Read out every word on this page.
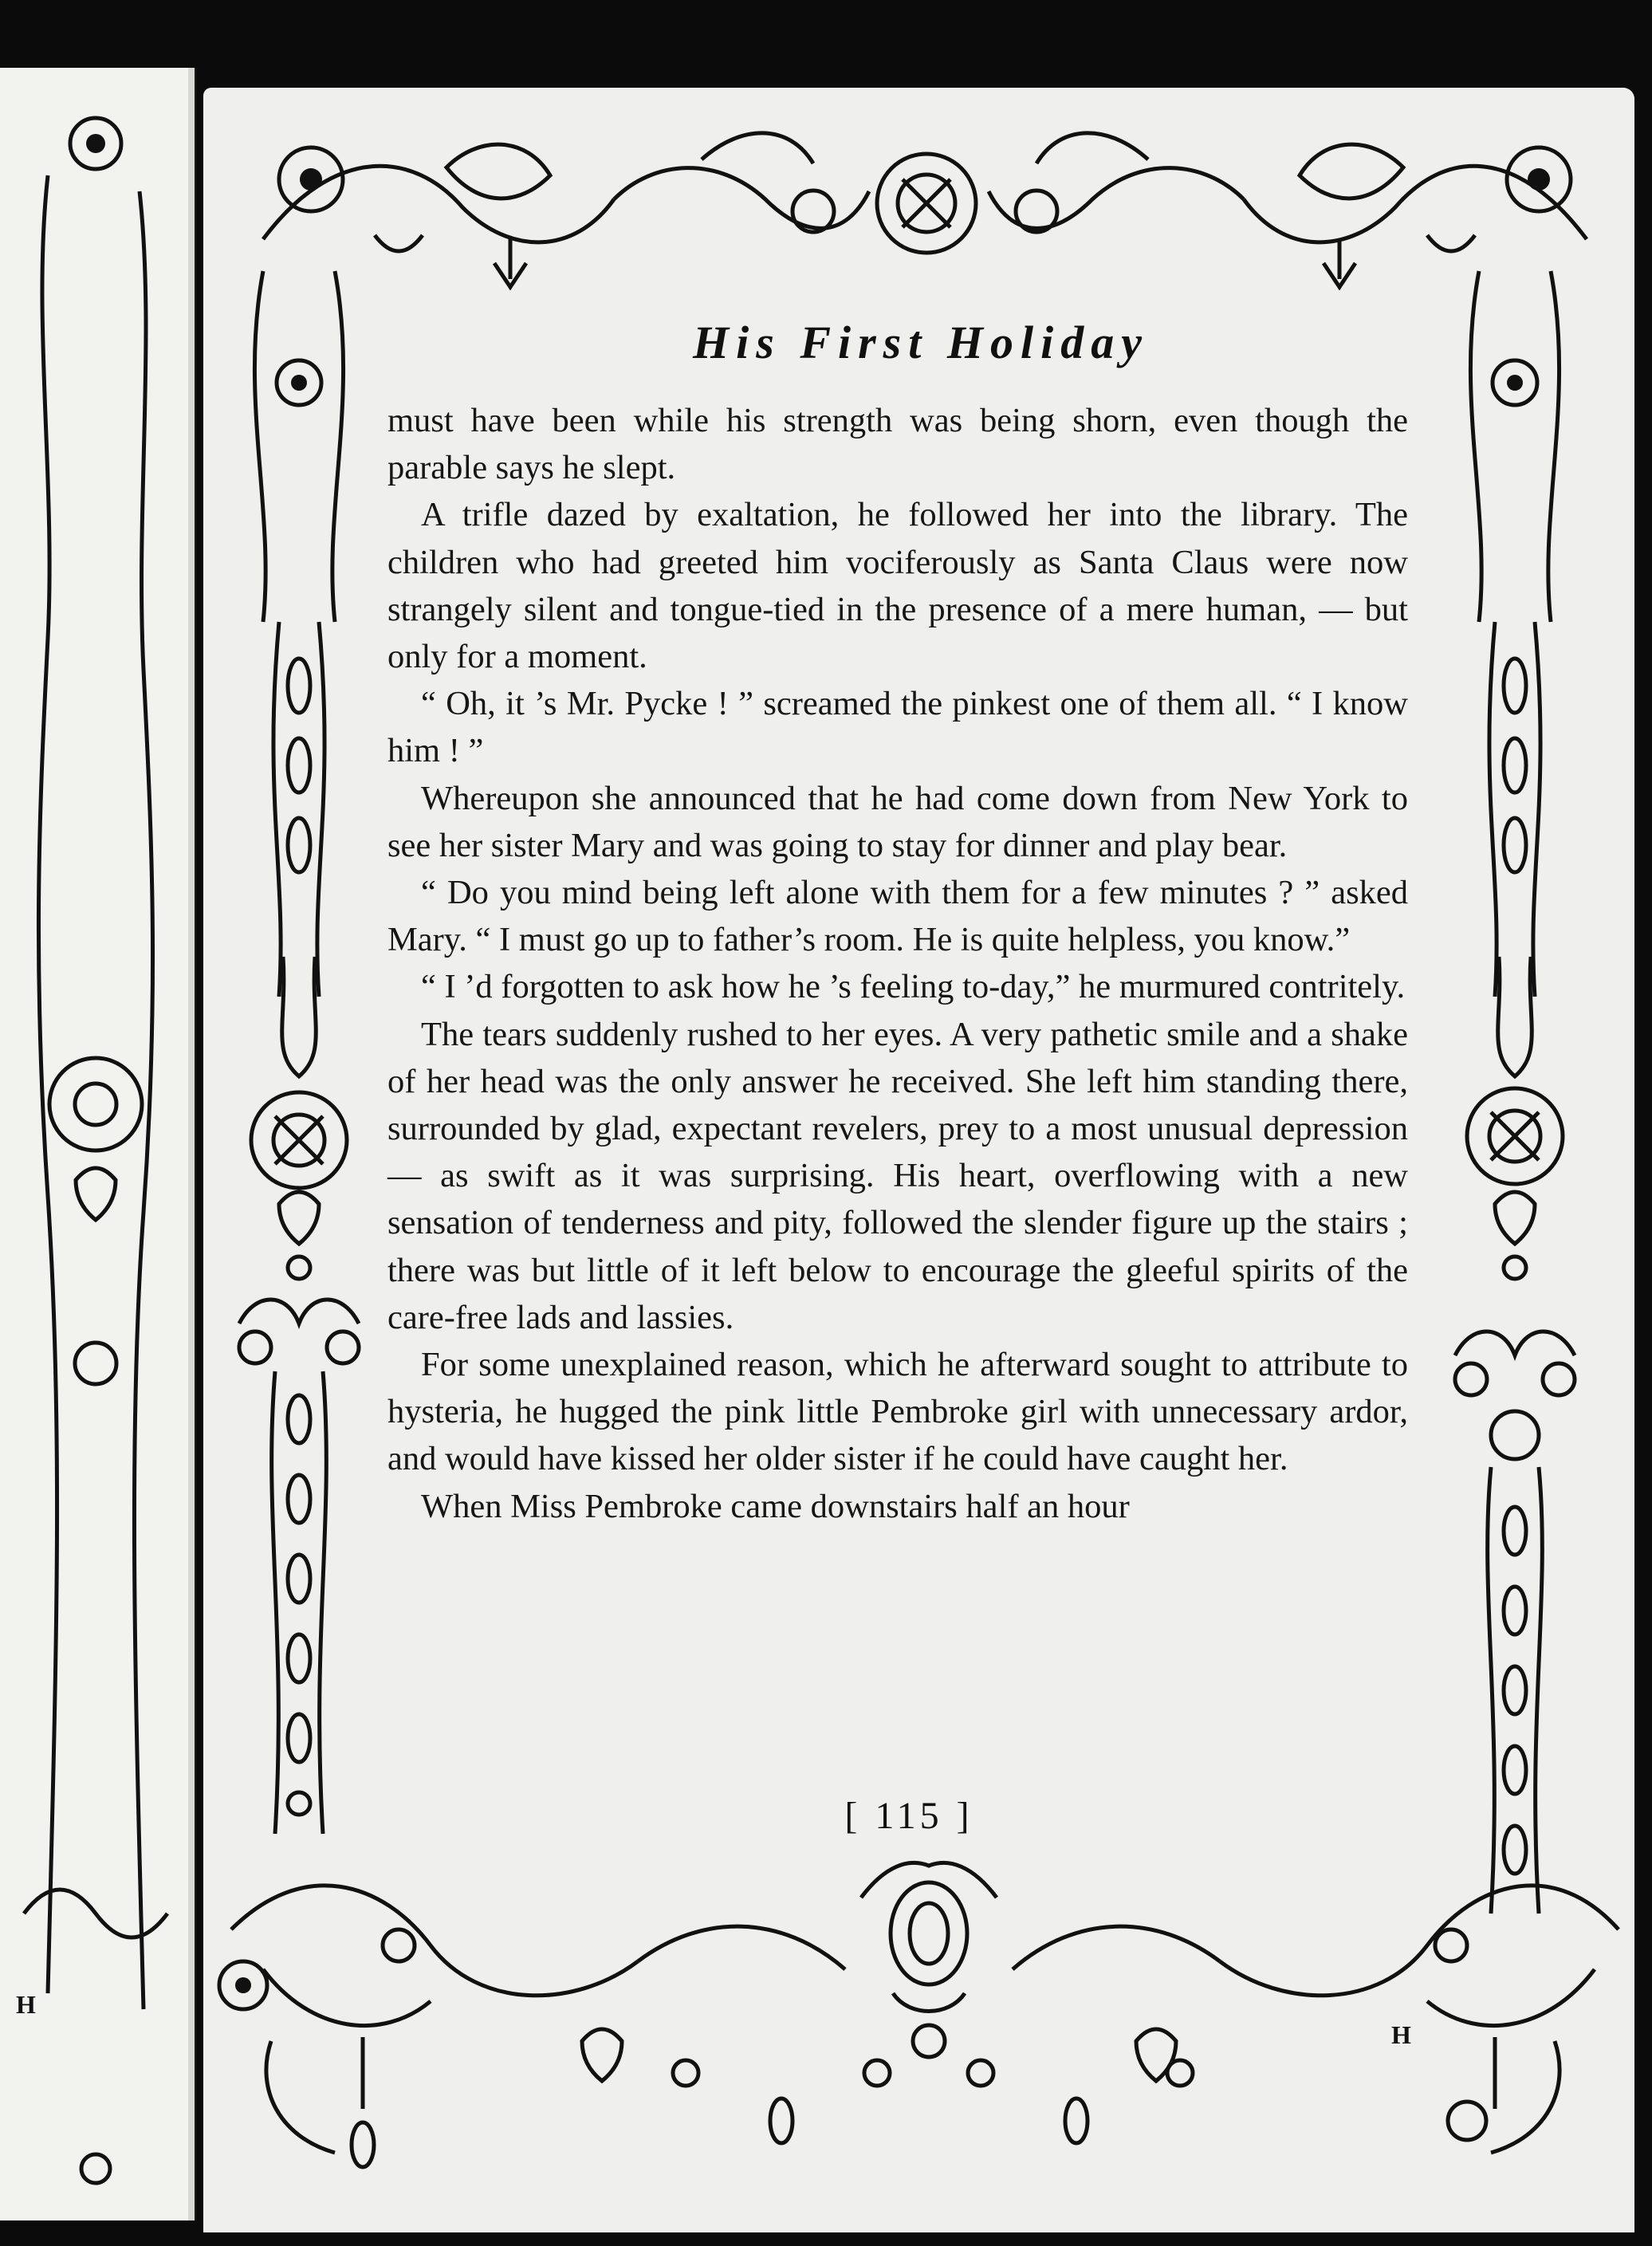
H
H
His First Holiday

must have been while his strength was being shorn, even though the parable says he slept.

A trifle dazed by exaltation, he followed her into the library. The children who had greeted him vociferously as Santa Claus were now strangely silent and tongue-tied in the presence of a mere human, — but only for a moment.

“ Oh, it ’s Mr. Pycke ! ” screamed the pinkest one of them all. “ I know him ! ”

Whereupon she announced that he had come down from New York to see her sister Mary and was going to stay for dinner and play bear.

“ Do you mind being left alone with them for a few minutes ? ” asked Mary. “ I must go up to father’s room. He is quite helpless, you know.”

“ I ’d forgotten to ask how he ’s feeling to-day,” he murmured contritely.

The tears suddenly rushed to her eyes. A very pathetic smile and a shake of her head was the only answer he received. She left him standing there, surrounded by glad, expectant revelers, prey to a most unusual depression — as swift as it was surprising. His heart, overflowing with a new sensation of tenderness and pity, followed the slender figure up the stairs ; there was but little of it left below to encourage the gleeful spirits of the care-free lads and lassies.

For some unexplained reason, which he afterward sought to attribute to hysteria, he hugged the pink little Pembroke girl with unnecessary ardor, and would have kissed her older sister if he could have caught her.

When Miss Pembroke came downstairs half an hour

[ 115 ]
